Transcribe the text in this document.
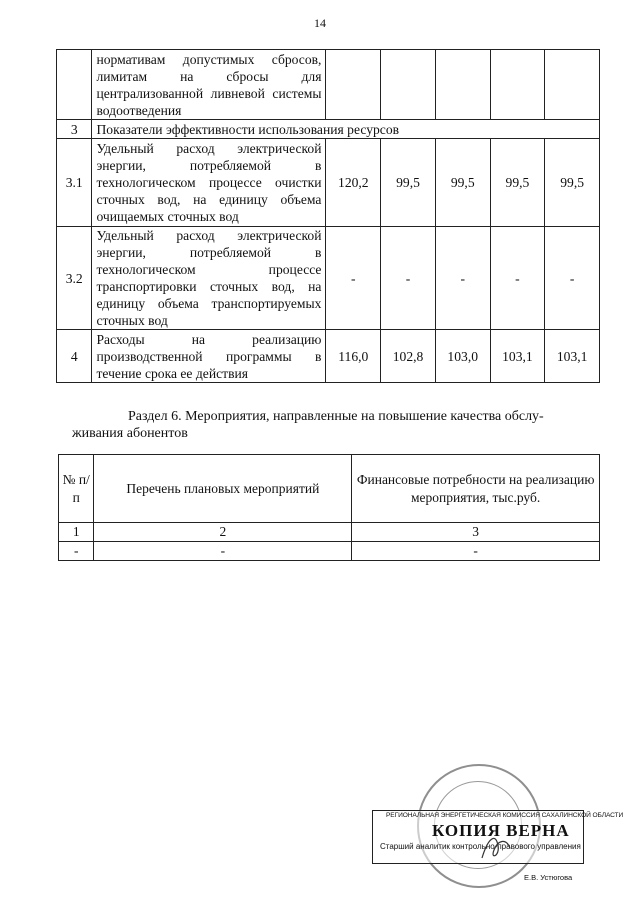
14
	нормативам допустимых сбросов, лимитам на сбросы для централизованной ливневой системы водоотведения					
3	Показатели эффективности использования ресурсов					
3.1	Удельный расход электрической энергии, потребляемой в технологическом процессе очистки сточных вод, на единицу объема очищаемых сточных вод	120,2	99,5	99,5	99,5	99,5
3.2	Удельный расход электрической энергии, потребляемой в технологическом процессе транспортировки сточных вод, на единицу объема транспортируемых сточных вод	-	-	-	-	-
4	Расходы на реализацию производственной программы в течение срока ее действия	116,0	102,8	103,0	103,1	103,1
Раздел 6. Мероприятия, направленные на повышение качества обслу-
живания абонентов
№ п/п	Перечень плановых мероприятий	Финансовые потребности на реализацию мероприятия, тыс.руб.
1	2	3
-	-	-
РЕГИОНАЛЬНАЯ ЭНЕРГЕТИЧЕСКАЯ КОМИССИЯ САХАЛИНСКОЙ ОБЛАСТИ
КОПИЯ ВЕРНА
Старший аналитик контрольно-правового управления
Е.В. Устюгова
